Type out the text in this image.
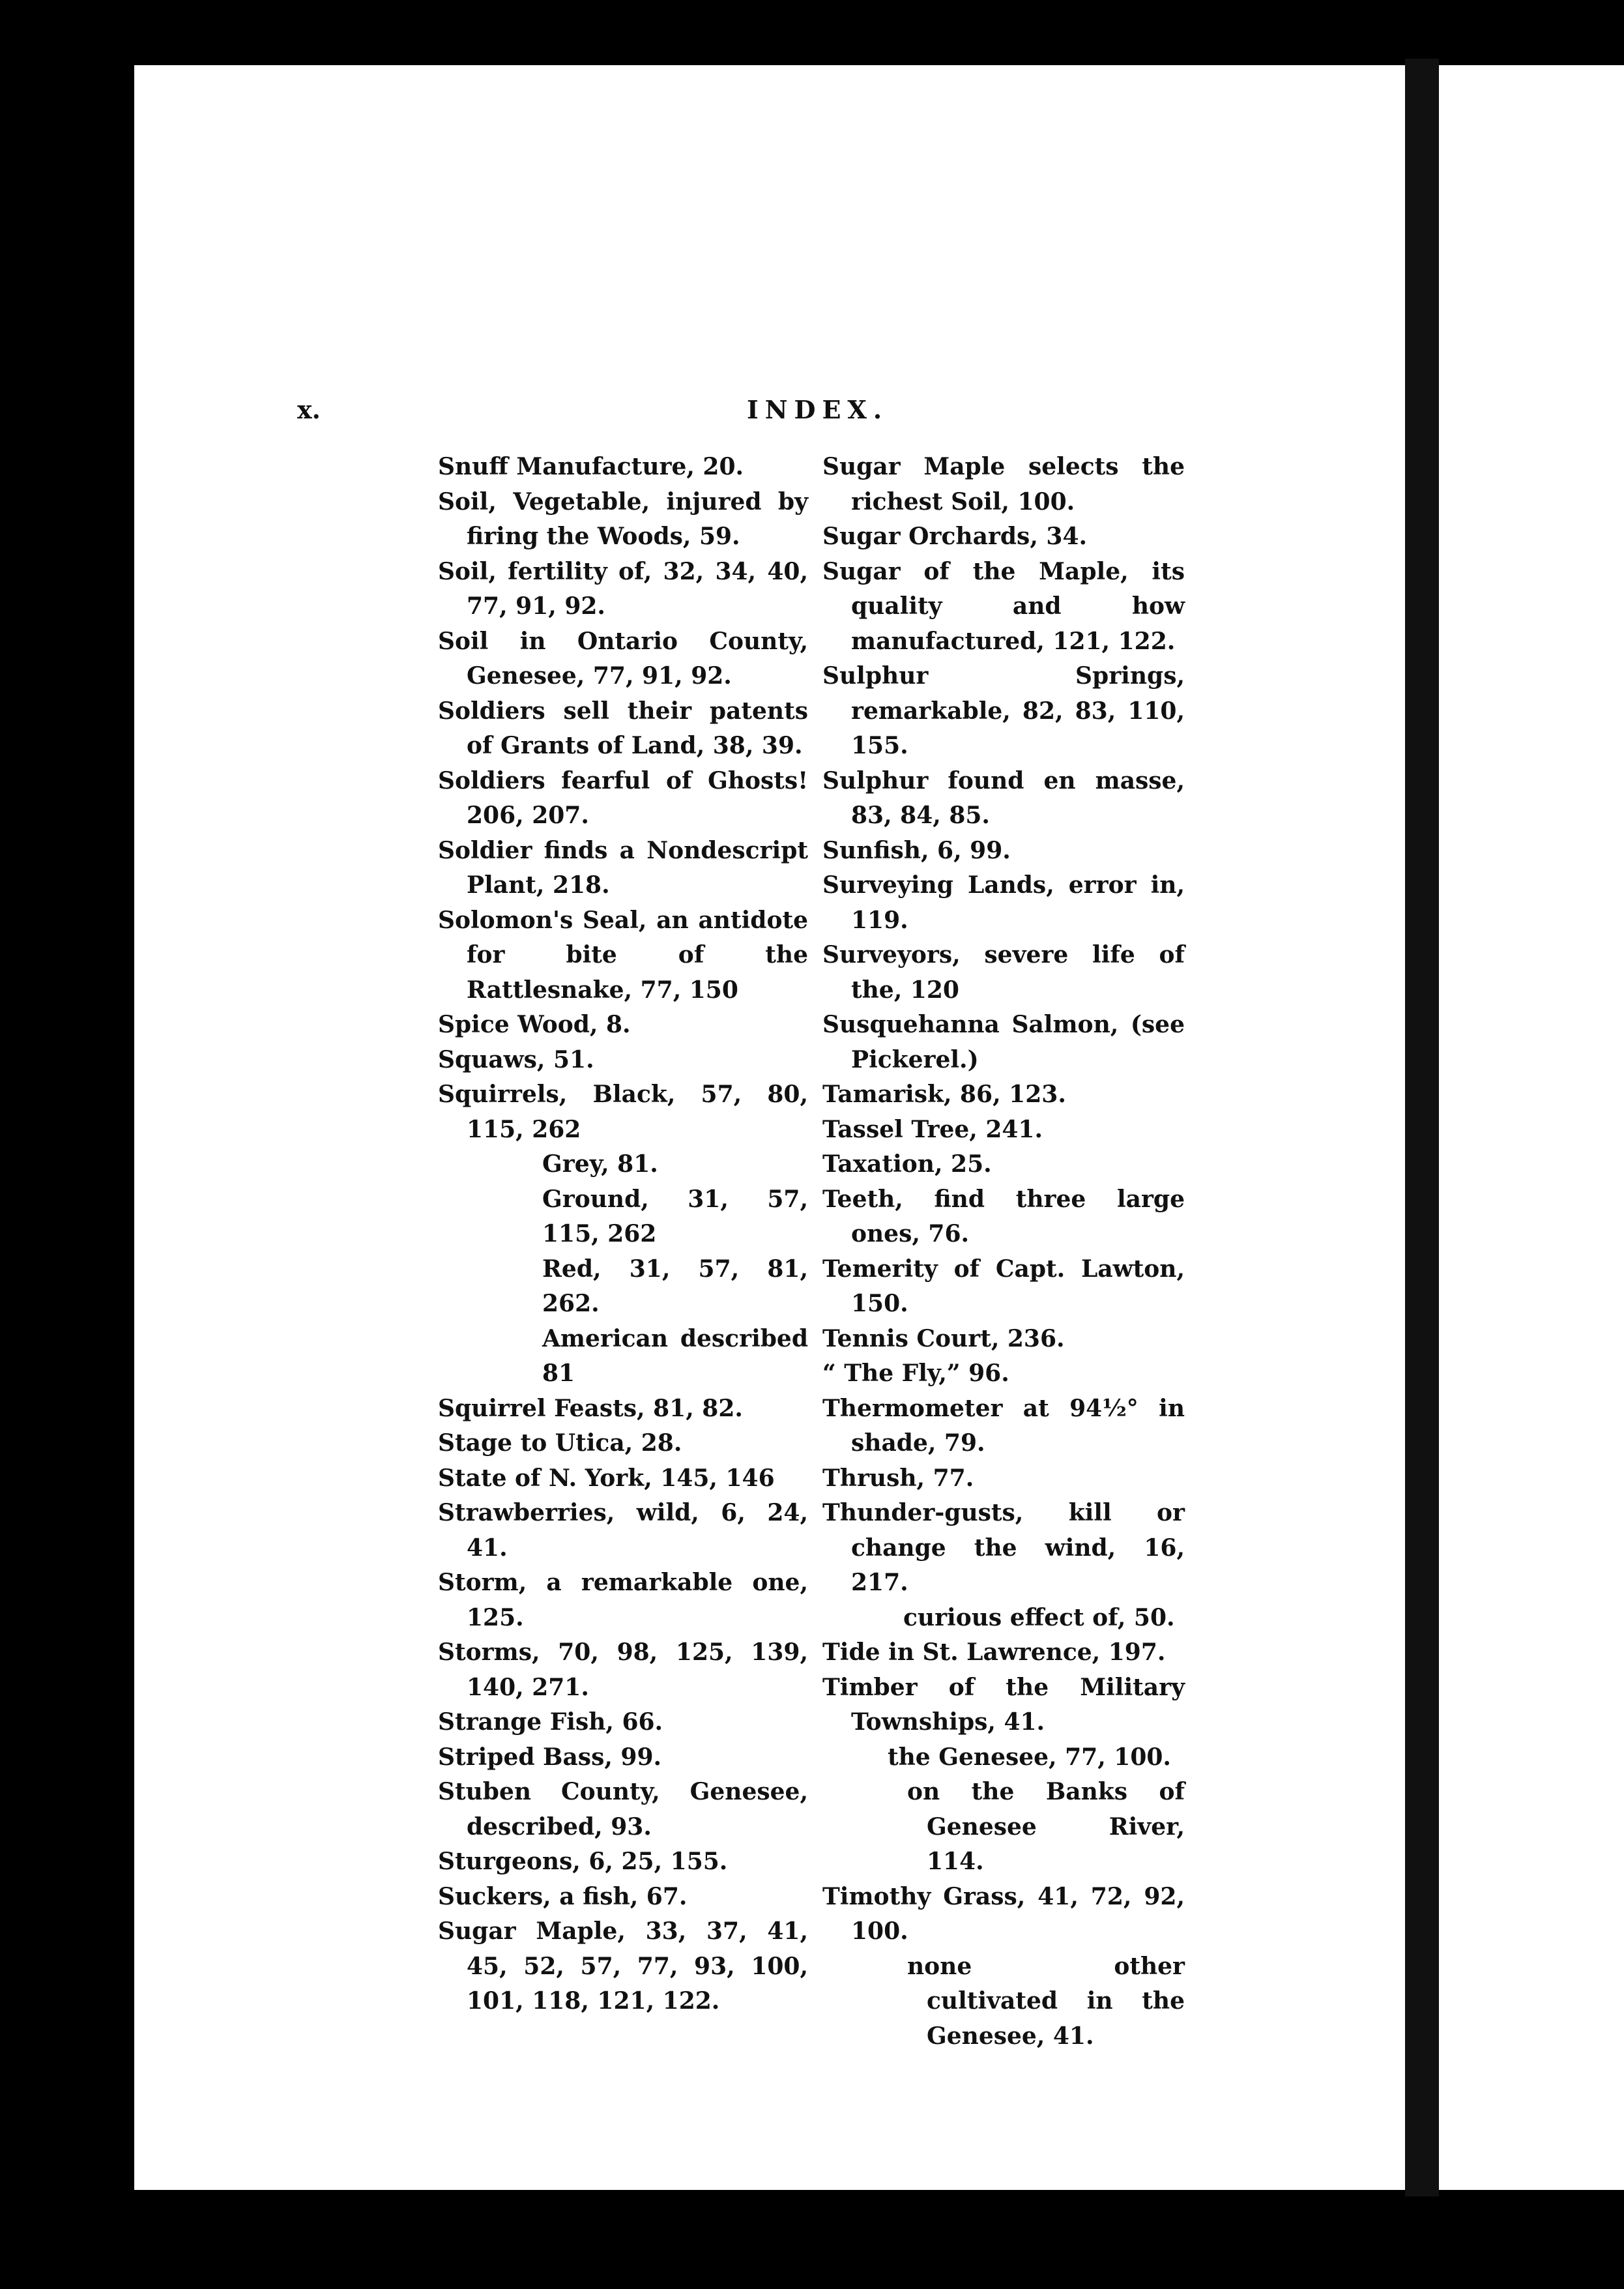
x.	INDEX.
Snuff Manufacture, 20.
Soil, Vegetable, injured by firing the Woods, 59.
Soil, fertility of, 32, 34, 40, 77, 91, 92.
Soil in Ontario County, Genesee, 77, 91, 92.
Soldiers sell their patents of Grants of Land, 38, 39.
Soldiers fearful of Ghosts! 206, 207.
Soldier finds a Nondescript Plant, 218.
Solomon's Seal, an antidote for bite of the Rattlesnake, 77, 150
Spice Wood, 8.
Squaws, 51.
Squirrels, Black, 57, 80, 115, 262
Grey, 81.
Ground, 31, 57, 115, 262
Red, 31, 57, 81, 262.
American described 81
Squirrel Feasts, 81, 82.
Stage to Utica, 28.
State of N. York, 145, 146
Strawberries, wild, 6, 24, 41.
Storm, a remarkable one, 125.
Storms, 70, 98, 125, 139, 140, 271.
Strange Fish, 66.
Striped Bass, 99.
Stuben County, Genesee, described, 93.
Sturgeons, 6, 25, 155.
Suckers, a fish, 67.
Sugar Maple, 33, 37, 41, 45, 52, 57, 77, 93, 100, 101, 118, 121, 122.
Sugar Maple selects the richest Soil, 100.
Sugar Orchards, 34.
Sugar of the Maple, its quality and how manufactured, 121, 122.
Sulphur Springs, remarkable, 82, 83, 110, 155.
Sulphur found en masse, 83, 84, 85.
Sunfish, 6, 99.
Surveying Lands, error in, 119.
Surveyors, severe life of the, 120
Susquehanna Salmon, (see Pickerel.)
Tamarisk, 86, 123.
Tassel Tree, 241.
Taxation, 25.
Teeth, find three large ones, 76.
Temerity of Capt. Lawton, 150.
Tennis Court, 236.
“ The Fly,” 96.
Thermometer at 94½° in shade, 79.
Thrush, 77.
Thunder-gusts, kill or change the wind, 16, 217.
curious effect of, 50.
Tide in St. Lawrence, 197.
Timber of the Military Townships, 41.
the Genesee, 77, 100.
on the Banks of Genesee River, 114.
Timothy Grass, 41, 72, 92, 100.
none other cultivated in the Genesee, 41.
